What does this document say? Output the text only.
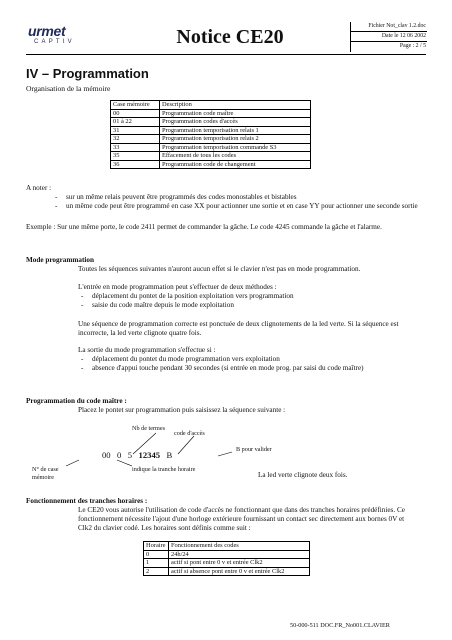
urmet
CAPTIV	Notice CE20	Fichier Not_clav 1.2.doc
Date le 12 06 2002
Page : 2 / 5
IV – Programmation
Organisation de la mémoire
Case mémoire	Description
00	Programmation code maître
01 à 22	Programmation codes d'accès
31	Programmation temporisation relais 1
32	Programmation temporisation relais 2
33	Programmation temporisation commande S3
35	Effacement de tous les codes
36	Programmation code de changement
A noter :
- sur un même relais peuvent être programmés des codes monostables et bistables
- un même code peut être programmé en case XX pour actionner une sortie et en case YY pour actionner une seconde sortie
Exemple : Sur une même porte, le code 2411 permet de commander la gâche. Le code 4245 commande la gâche et l'alarme.
Mode programmation
Toutes les séquences suivantes n'auront aucun effet si le clavier n'est pas en mode programmation.
L'entrée en mode programmation peut s'effectuer de deux méthodes :
- déplacement du pontet de la position exploitation vers programmation
- saisie du code maître depuis le mode exploitation
Une séquence de programmation correcte est ponctuée de deux clignotements de la led verte. Si la séquence est incorrecte, la led verte clignote quatre fois.
La sortie du mode programmation s'effectue si :
- déplacement du pontet du mode programmation vers exploitation
- absence d'appui touche pendant 30 secondes (si entrée en mode prog. par saisi du code maître)
Programmation du code maître :
Placez le pontet sur programmation puis saisissez la séquence suivante :
Nb de termes
code d'accès
B pour valider
00 0 5 12345 B
N° de case mémoire
indique la tranche horaire
La led verte clignote deux fois.
Fonctionnement des tranches horaires :
Le CE20 vous autorise l'utilisation de code d'accès ne fonctionnant que dans des tranches horaires prédéfinies. Ce fonctionnement nécessite l'ajout d'une horloge extérieure fournissant un contact sec directement aux bornes 0V et Clk2 du clavier codé. Les horaires sont définis comme suit :
Horaire	Fonctionnement des codes
0	24h/24
1	actif si pont entre 0 v et entrée Clk2
2	actif si absence pont entre 0 v et entrée Clk2
50-000-511 DOC.FR_No001.CLAVIER
